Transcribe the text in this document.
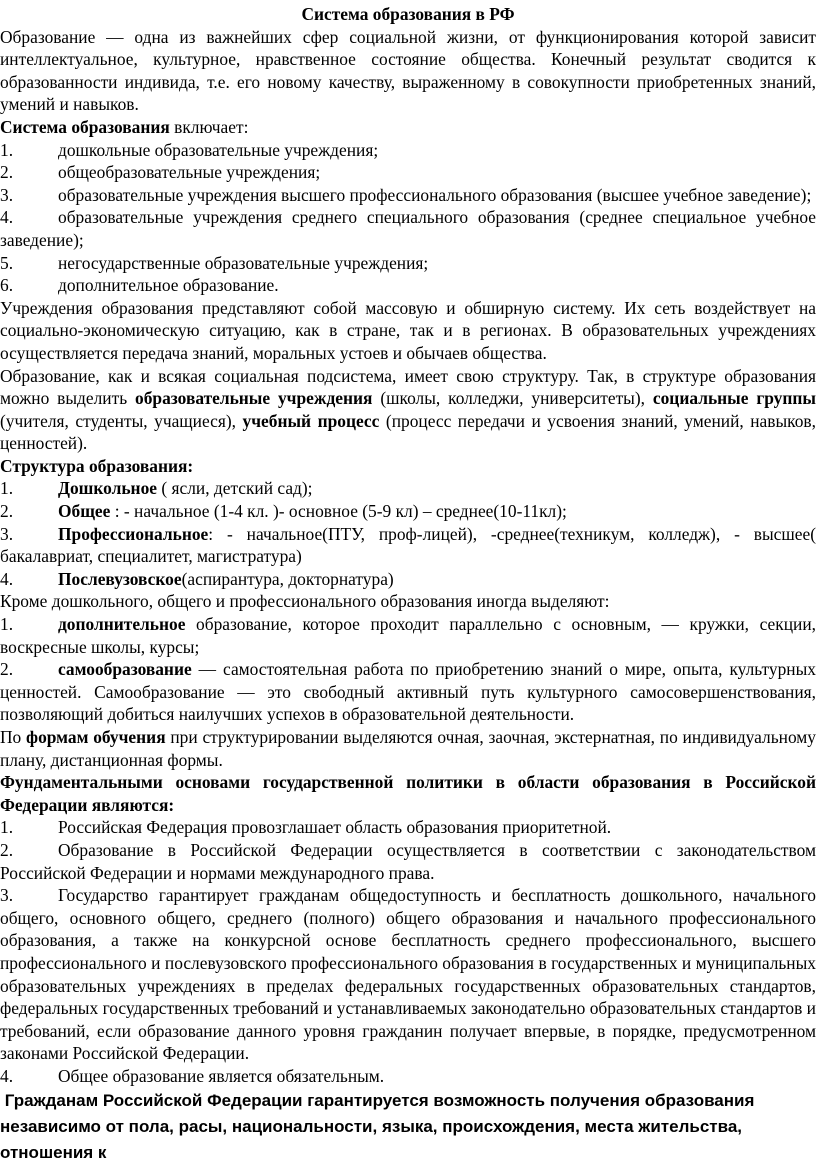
Система образования в РФ

Образование — одна из важнейших сфер социальной жизни, от функционирования которой зависит интеллектуальное, культурное, нравственное состояние общества. Конечный результат сводится к образованности индивида, т.е. его новому качеству, выраженному в совокупности приобретенных знаний, умений и навыков.

Система образования включает:

1.	дошкольные образовательные учреждения;
2.	общеобразовательные учреждения;
3.	образовательные учреждения высшего профессионального образования (высшее учебное заведение);
4.	образовательные учреждения среднего специального образования (среднее специальное учебное заведение);
5.	негосударственные образовательные учреждения;
6.	дополнительное образование.

Учреждения образования представляют собой массовую и обширную систему. Их сеть воздействует на социально-экономическую ситуацию, как в стране, так и в регионах. В образовательных учреждениях осуществляется передача знаний, моральных устоев и обычаев общества.

Образование, как и всякая социальная подсистема, имеет свою структуру. Так, в структуре образования можно выделить образовательные учреждения (школы, колледжи, университеты), социальные группы (учителя, студенты, учащиеся), учебный процесс (процесс передачи и усвоения знаний, умений, навыков, ценностей).

Структура образования:

1.	Дошкольное ( ясли, детский сад);
2.	Общее : - начальное (1-4 кл. )- основное (5-9 кл) – среднее(10-11кл);
3.	Профессиональное: - начальное(ПТУ, проф-лицей), -среднее(техникум, колледж), - высшее( бакалавриат, специалитет, магистратура)
4.	Послевузовское(аспирантура, докторнатура)

Кроме дошкольного, общего и профессионального образования иногда выделяют:

1.	дополнительное образование, которое проходит параллельно с основным, — кружки, секции, воскресные школы, курсы;
2.	самообразование — самостоятельная работа по приобретению знаний о мире, опыта, культурных ценностей. Самообразование — это свободный активный путь культурного самосовершенствования, позволяющий добиться наилучших успехов в образовательной деятельности.

По формам обучения при структурировании выделяются очная, заочная, экстернатная, по индивидуальному плану, дистанционная формы.

Фундаментальными основами государственной политики в области образования в Российской Федерации являются:

1.	Российская Федерация провозглашает область образования приоритетной.
2.	Образование в Российской Федерации осуществляется в соответствии с законодательством Российской Федерации и нормами международного права.
3.	Государство гарантирует гражданам общедоступность и бесплатность дошкольного, начального общего, основного общего, среднего (полного) общего образования и начального профессионального образования, а также на конкурсной основе бесплатность среднего профессионального, высшего профессионального и послевузовского профессионального образования в государственных и муниципальных образовательных учреждениях в пределах федеральных государственных образовательных стандартов, федеральных государственных требований и устанавливаемых законодательно образовательных стандартов и требований, если образование данного уровня гражданин получает впервые, в порядке, предусмотренном законами Российской Федерации.
4.	Общее образование является обязательным.

Гражданам Российской Федерации гарантируется возможность получения образования независимо от пола, расы, национальности, языка, происхождения, места жительства, отношения к
